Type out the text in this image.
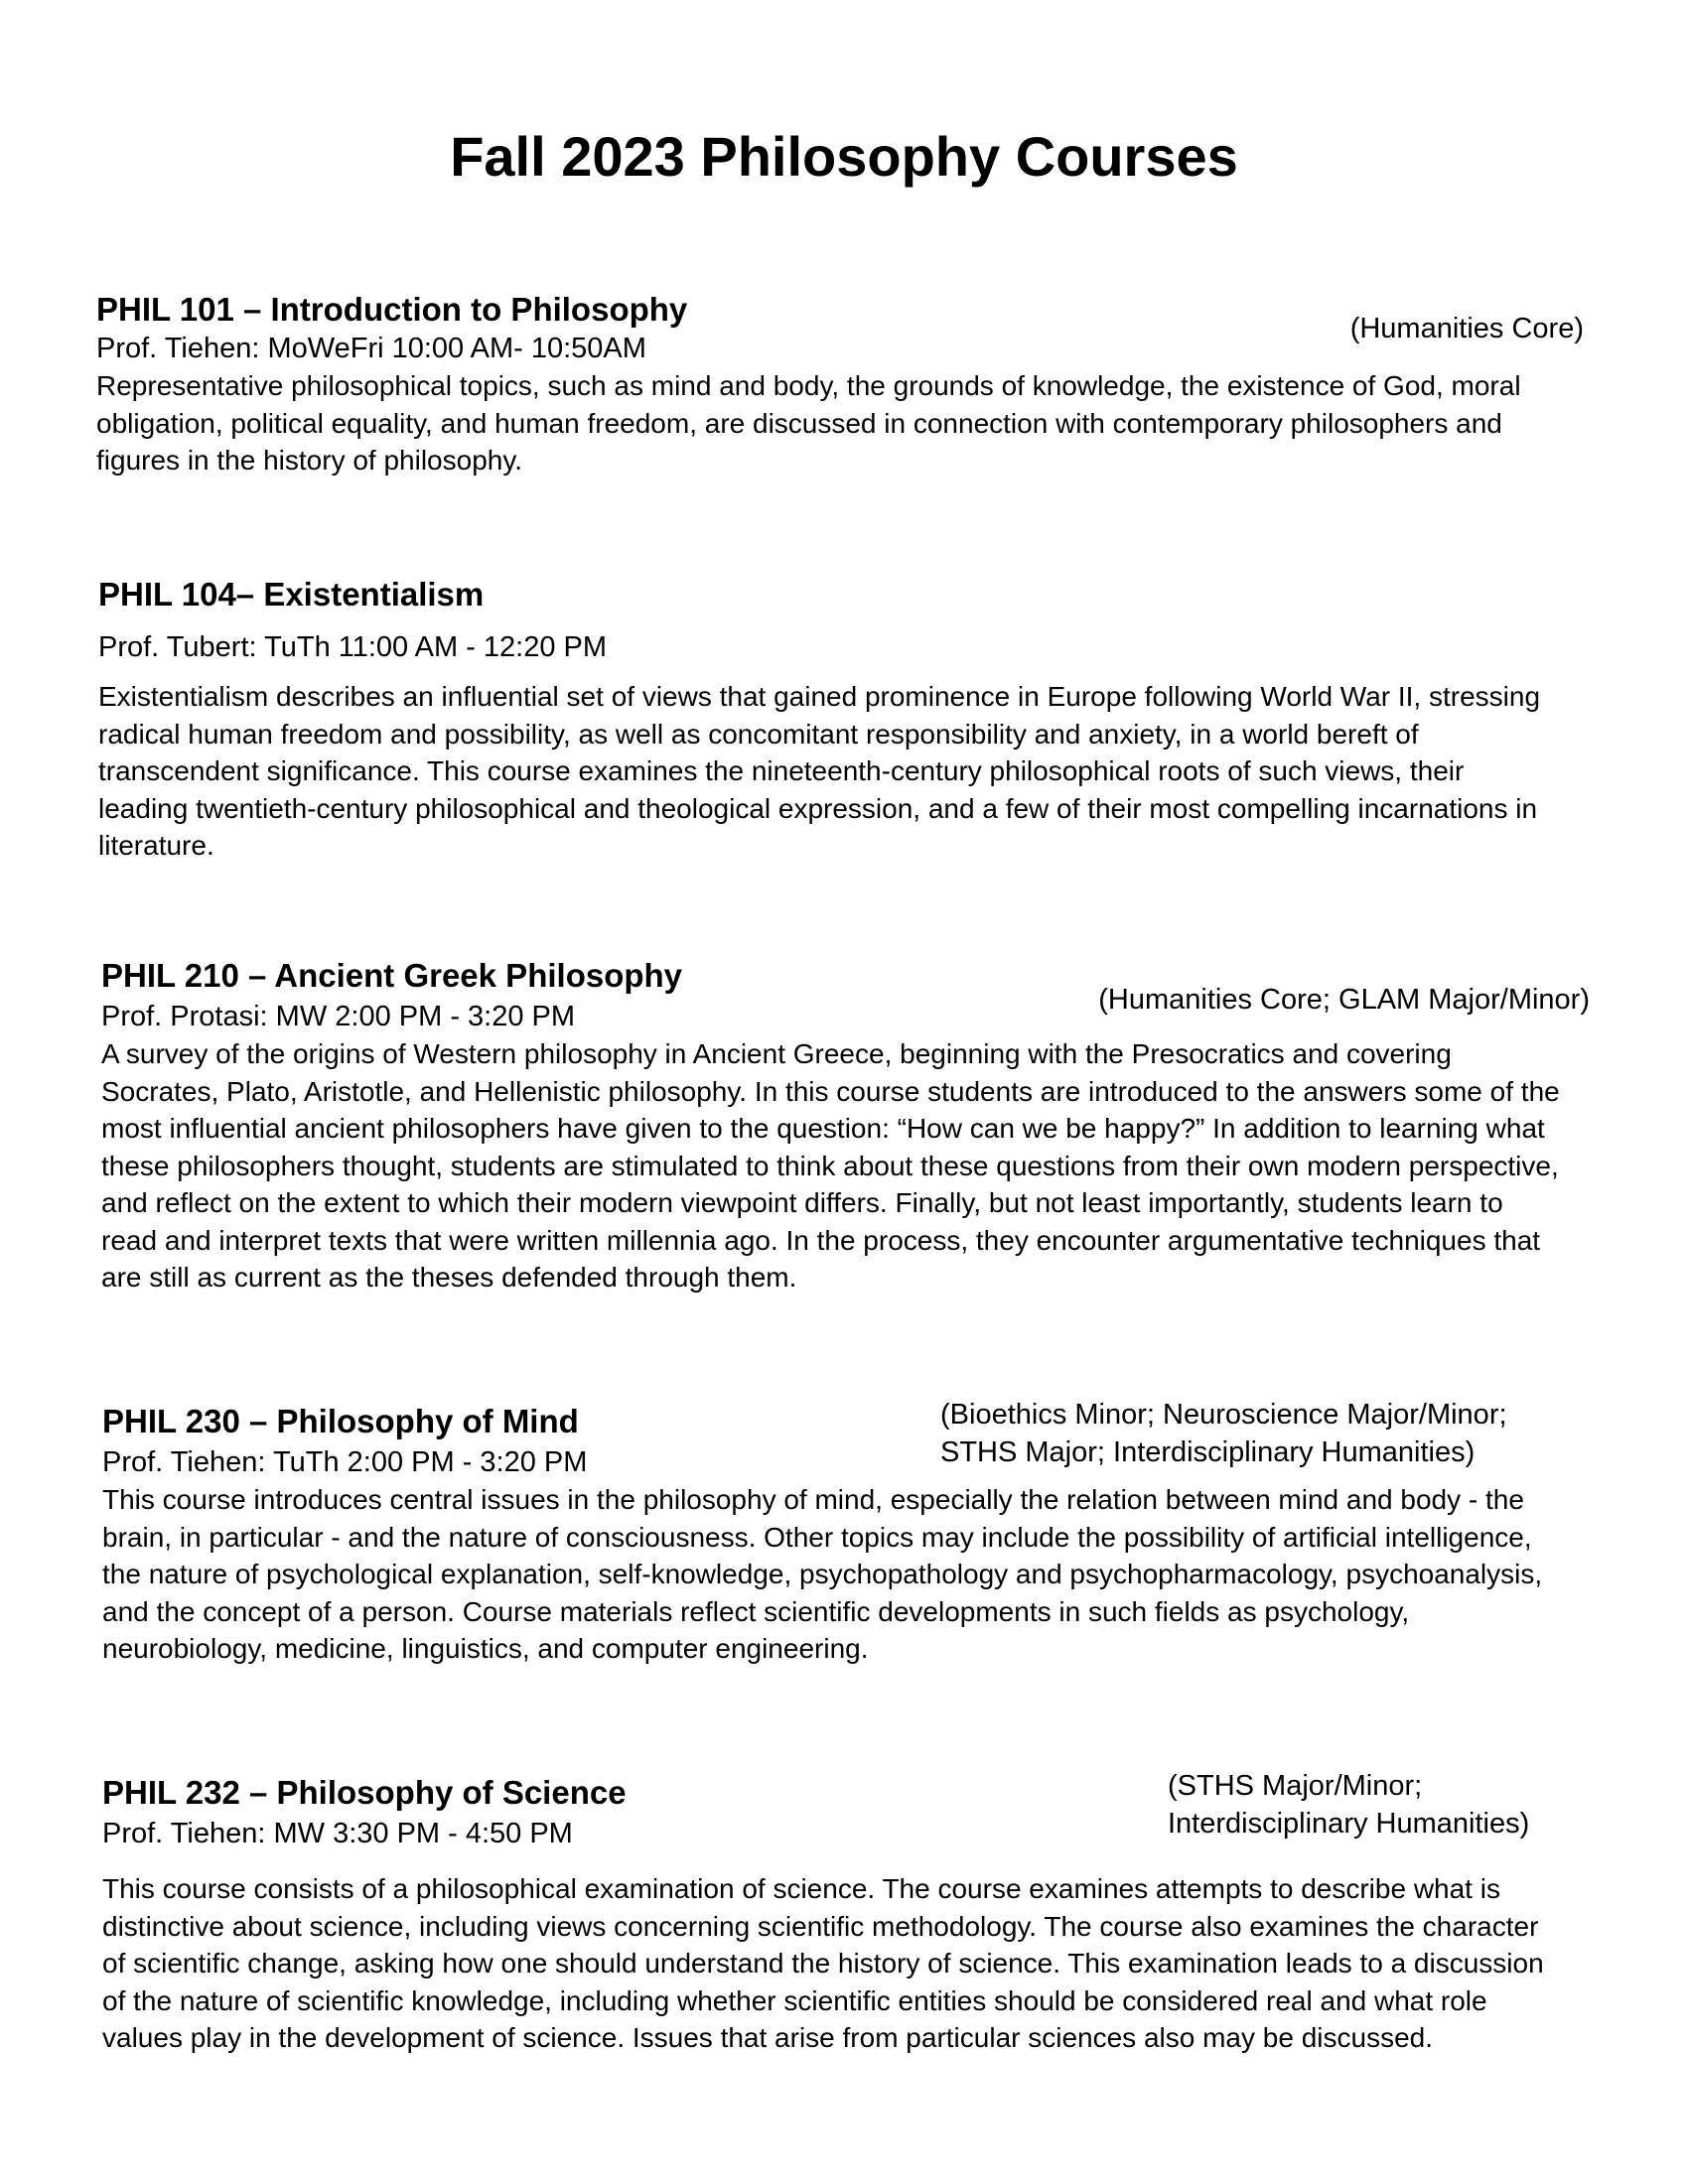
Fall 2023 Philosophy Courses
PHIL 101 – Introduction to Philosophy
(Humanities Core)
Prof. Tiehen: MoWeFri 10:00 AM- 10:50AM

Representative philosophical topics, such as mind and body, the grounds of knowledge, the existence of God, moral obligation, political equality, and human freedom, are discussed in connection with contemporary philosophers and figures in the history of philosophy.

PHIL 104– Existentialism
Prof. Tubert: TuTh 11:00 AM - 12:20 PM

Existentialism describes an influential set of views that gained prominence in Europe following World War II, stressing radical human freedom and possibility, as well as concomitant responsibility and anxiety, in a world bereft of transcendent significance. This course examines the nineteenth-century philosophical roots of such views, their leading twentieth-century philosophical and theological expression, and a few of their most compelling incarnations in literature.

PHIL 210 – Ancient Greek Philosophy
(Humanities Core; GLAM Major/Minor)
Prof. Protasi: MW 2:00 PM - 3:20 PM

A survey of the origins of Western philosophy in Ancient Greece, beginning with the Presocratics and covering Socrates, Plato, Aristotle, and Hellenistic philosophy. In this course students are introduced to the answers some of the most influential ancient philosophers have given to the question: “How can we be happy?” In addition to learning what these philosophers thought, students are stimulated to think about these questions from their own modern perspective, and reflect on the extent to which their modern viewpoint differs. Finally, but not least importantly, students learn to read and interpret texts that were written millennia ago. In the process, they encounter argumentative techniques that are still as current as the theses defended through them.

PHIL 230 – Philosophy of Mind	(Bioethics Minor; Neuroscience Major/Minor;
STHS Major; Interdisciplinary Humanities)
Prof. Tiehen: TuTh 2:00 PM - 3:20 PM

This course introduces central issues in the philosophy of mind, especially the relation between mind and body - the brain, in particular - and the nature of consciousness. Other topics may include the possibility of artificial intelligence, the nature of psychological explanation, self-knowledge, psychopathology and psychopharmacology, psychoanalysis, and the concept of a person. Course materials reflect scientific developments in such fields as psychology, neurobiology, medicine, linguistics, and computer engineering.

PHIL 232 – Philosophy of Science	(STHS Major/Minor;
Interdisciplinary Humanities)
Prof. Tiehen: MW 3:30 PM - 4:50 PM

This course consists of a philosophical examination of science. The course examines attempts to describe what is distinctive about science, including views concerning scientific methodology. The course also examines the character of scientific change, asking how one should understand the history of science. This examination leads to a discussion of the nature of scientific knowledge, including whether scientific entities should be considered real and what role values play in the development of science. Issues that arise from particular sciences also may be discussed.
